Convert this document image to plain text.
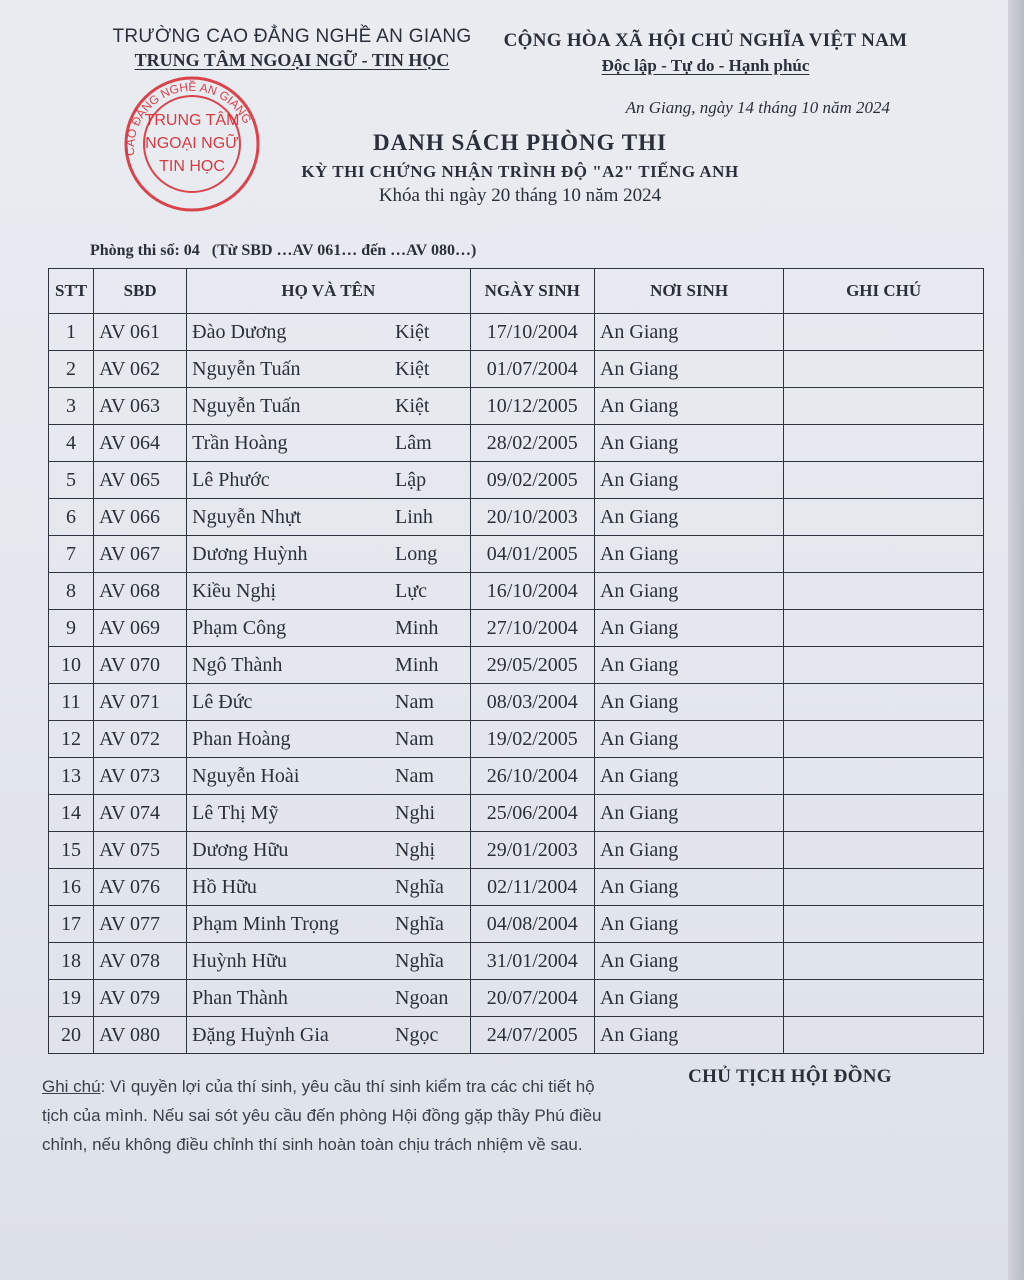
TRƯỜNG CAO ĐẲNG NGHỀ AN GIANG
TRUNG TÂM NGOẠI NGỮ - TIN HỌC
CỘNG HÒA XÃ HỘI CHỦ NGHĨA VIỆT NAM
Độc lập - Tự do - Hạnh phúc
An Giang, ngày 14 tháng 10 năm 2024
CAO ĐẲNG NGHỀ AN GIANG
TRUNG TÂM
NGOẠI NGỮ
TIN HỌC
DANH SÁCH PHÒNG THI
KỲ THI CHỨNG NHẬN TRÌNH ĐỘ "A2" TIẾNG ANH
Khóa thi ngày 20 tháng 10 năm 2024
Phòng thi số: 04 (Từ SBD …AV 061… đến …AV 080…)
STT	SBD	HỌ VÀ TÊN		NGÀY SINH	NƠI SINH	GHI CHÚ
1	AV 061	Đào Dương	Kiệt	17/10/2004	An Giang	
2	AV 062	Nguyễn Tuấn	Kiệt	01/07/2004	An Giang	
3	AV 063	Nguyễn Tuấn	Kiệt	10/12/2005	An Giang	
4	AV 064	Trần Hoàng	Lâm	28/02/2005	An Giang	
5	AV 065	Lê Phước	Lập	09/02/2005	An Giang	
6	AV 066	Nguyễn Nhựt	Linh	20/10/2003	An Giang	
7	AV 067	Dương Huỳnh	Long	04/01/2005	An Giang	
8	AV 068	Kiều Nghị	Lực	16/10/2004	An Giang	
9	AV 069	Phạm Công	Minh	27/10/2004	An Giang	
10	AV 070	Ngô Thành	Minh	29/05/2005	An Giang	
11	AV 071	Lê Đức	Nam	08/03/2004	An Giang	
12	AV 072	Phan Hoàng	Nam	19/02/2005	An Giang	
13	AV 073	Nguyễn Hoài	Nam	26/10/2004	An Giang	
14	AV 074	Lê Thị Mỹ	Nghi	25/06/2004	An Giang	
15	AV 075	Dương Hữu	Nghị	29/01/2003	An Giang	
16	AV 076	Hồ Hữu	Nghĩa	02/11/2004	An Giang	
17	AV 077	Phạm Minh Trọng	Nghĩa	04/08/2004	An Giang	
18	AV 078	Huỳnh Hữu	Nghĩa	31/01/2004	An Giang	
19	AV 079	Phan Thành	Ngoan	20/07/2004	An Giang	
20	AV 080	Đặng Huỳnh Gia	Ngọc	24/07/2005	An Giang	
Ghi chú: Vì quyền lợi của thí sinh, yêu cầu thí sinh kiểm tra các chi tiết hộ tịch của mình. Nếu sai sót yêu cầu đến phòng Hội đồng gặp thầy Phú điều chỉnh, nếu không điều chỉnh thí sinh hoàn toàn chịu trách nhiệm về sau.
CHỦ TỊCH HỘI ĐỒNG
